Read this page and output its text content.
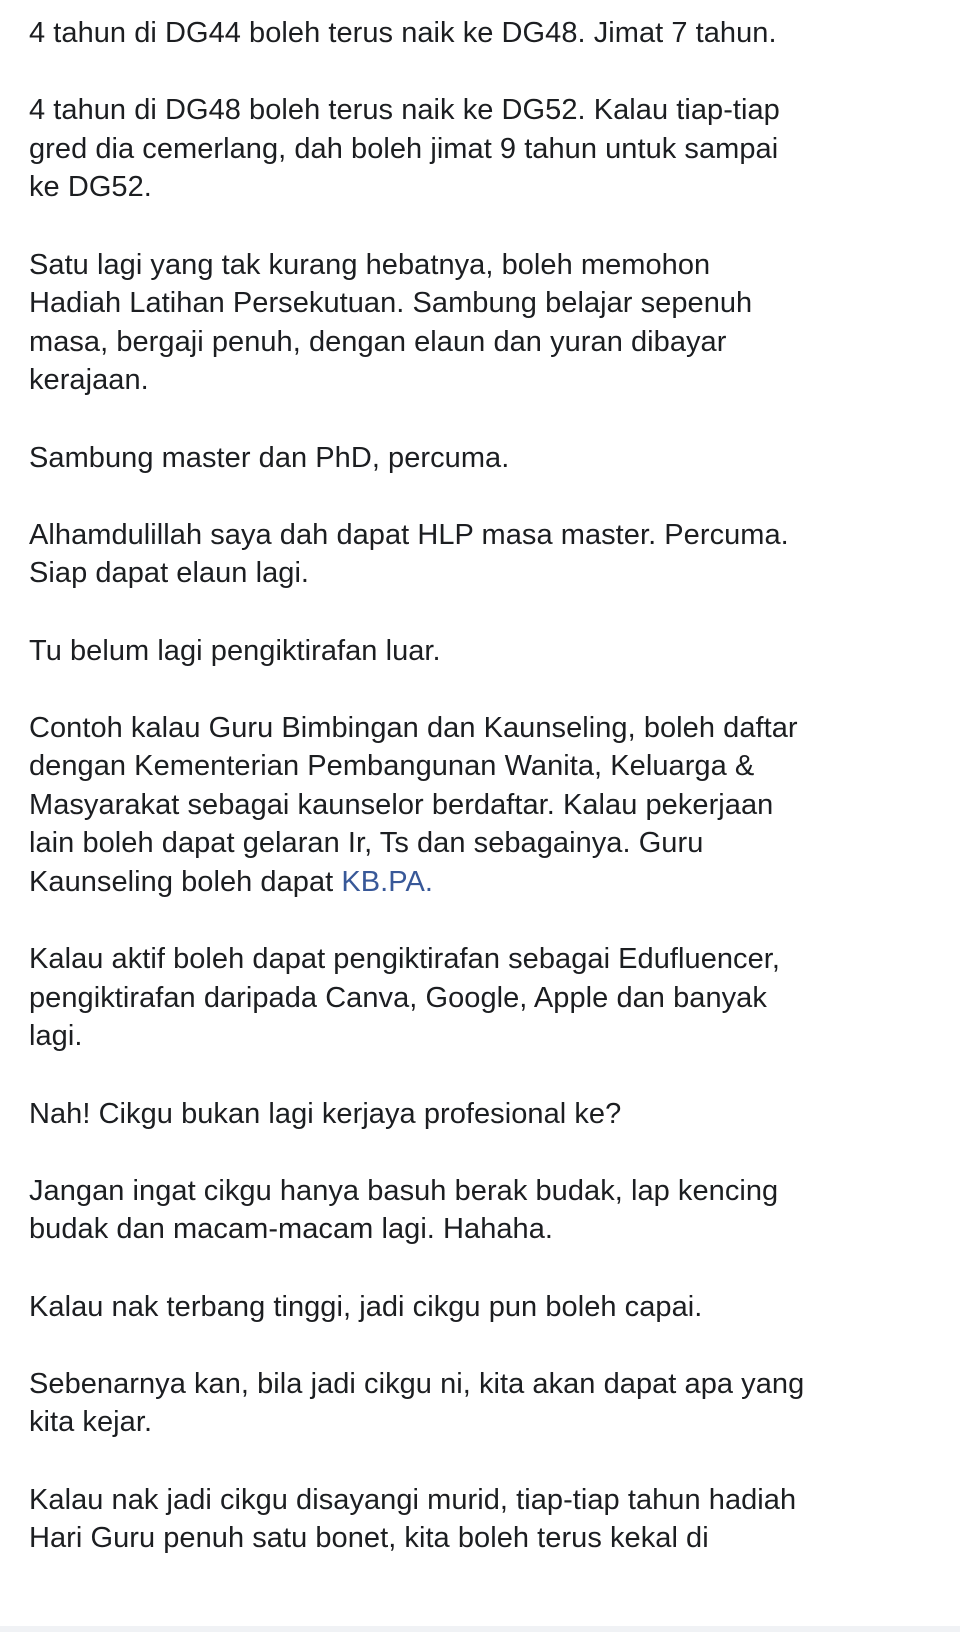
4 tahun di DG44 boleh terus naik ke DG48. Jimat 7 tahun.

4 tahun di DG48 boleh terus naik ke DG52. Kalau tiap-tiap
gred dia cemerlang, dah boleh jimat 9 tahun untuk sampai
ke DG52.

Satu lagi yang tak kurang hebatnya, boleh memohon
Hadiah Latihan Persekutuan. Sambung belajar sepenuh
masa, bergaji penuh, dengan elaun dan yuran dibayar
kerajaan.

Sambung master dan PhD, percuma.

Alhamdulillah saya dah dapat HLP masa master. Percuma.
Siap dapat elaun lagi.

Tu belum lagi pengiktirafan luar.

Contoh kalau Guru Bimbingan dan Kaunseling, boleh daftar
dengan Kementerian Pembangunan Wanita, Keluarga &
Masyarakat sebagai kaunselor berdaftar. Kalau pekerjaan
lain boleh dapat gelaran Ir, Ts dan sebagainya. Guru
Kaunseling boleh dapat KB.PA.

Kalau aktif boleh dapat pengiktirafan sebagai Edufluencer,
pengiktirafan daripada Canva, Google, Apple dan banyak
lagi.

Nah! Cikgu bukan lagi kerjaya profesional ke?

Jangan ingat cikgu hanya basuh berak budak, lap kencing
budak dan macam-macam lagi. Hahaha.

Kalau nak terbang tinggi, jadi cikgu pun boleh capai.

Sebenarnya kan, bila jadi cikgu ni, kita akan dapat apa yang
kita kejar.

Kalau nak jadi cikgu disayangi murid, tiap-tiap tahun hadiah
Hari Guru penuh satu bonet, kita boleh terus kekal di
